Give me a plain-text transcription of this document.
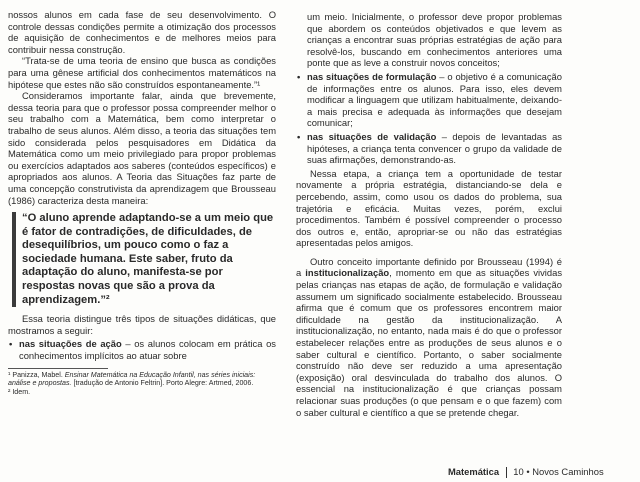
nossos alunos em cada fase de seu desenvolvimento. O controle dessas condições permite a otimização dos processos de aquisição de conhecimentos e de melhores meios para contribuir nessa construção.

“Trata-se de uma teoria de ensino que busca as condições para uma gênese artificial dos conhecimentos matemáticos na hipótese que estes não são construídos espontaneamente.”¹

Consideramos importante falar, ainda que brevemente, dessa teoria para que o professor possa compreender melhor o seu trabalho com a Matemática, bem como interpretar o trabalho de seus alunos. Além disso, a teoria das situações tem sido considerada pelos pesquisadores em Didática da Matemática como um meio privilegiado para propor problemas ou exercícios adaptados aos saberes (conteúdos específicos) e apropriados aos alunos. A Teoria das Situações faz parte de uma concepção construtivista da aprendizagem que Brousseau (1986) caracteriza desta maneira:

“O aluno aprende adaptando-se a um meio que é fator de contradições, de dificuldades, de desequilíbrios, um pouco como o faz a sociedade humana. Este saber, fruto da adaptação do aluno, manifesta-se por respostas novas que são a prova da aprendizagem.”²

Essa teoria distingue três tipos de situações didáticas, que mostramos a seguir:

• nas situações de ação – os alunos colocam em prática os conhecimentos implícitos ao atuar sobre

¹ Panizza, Mabel. Ensinar Matemática na Educação Infantil, nas séries iniciais: análise e propostas. [tradução de Antonio Feltrin]. Porto Alegre: Artmed, 2006.

² Idem.

um meio. Inicialmente, o professor deve propor problemas que abordem os conteúdos objetivados e que levem as crianças a encontrar suas próprias estratégias de ação para resolvê-los, buscando em conhecimentos anteriores uma ponte que as leve a construir novos conceitos;
• nas situações de formulação – o objetivo é a comunicação de informações entre os alunos. Para isso, eles devem modificar a linguagem que utilizam habitualmente, deixando-a mais precisa e adequada às informações que desejam comunicar;
• nas situações de validação – depois de levantadas as hipóteses, a criança tenta convencer o grupo da validade de suas afirmações, demonstrando-as.

Nessa etapa, a criança tem a oportunidade de testar novamente a própria estratégia, distanciando-se dela e percebendo, assim, como usou os dados do problema, sua trajetória e eficácia. Muitas vezes, porém, exclui procedimentos. Também é possível compreender o processo dos outros e, então, apropriar-se ou não das estratégias apresentadas pelos amigos.

Outro conceito importante definido por Brousseau (1994) é a institucionalização, momento em que as situações vividas pelas crianças nas etapas de ação, de formulação e validação assumem um significado socialmente estabelecido. Brousseau afirma que é comum que os professores encontrem maior dificuldade na gestão da institucionalização. A institucionalização, no entanto, nada mais é do que o professor estabelecer relações entre as produções de seus alunos e o saber cultural e científico. Portanto, o saber socialmente construído não deve ser reduzido a uma apresentação (exposição) oral desvinculada do trabalho dos alunos. O essencial na institucionalização é que crianças possam relacionar suas produções (o que pensam e o que fazem) com o saber cultural e científico a que se pretende chegar.

Matemática 10 • Novos Caminhos
